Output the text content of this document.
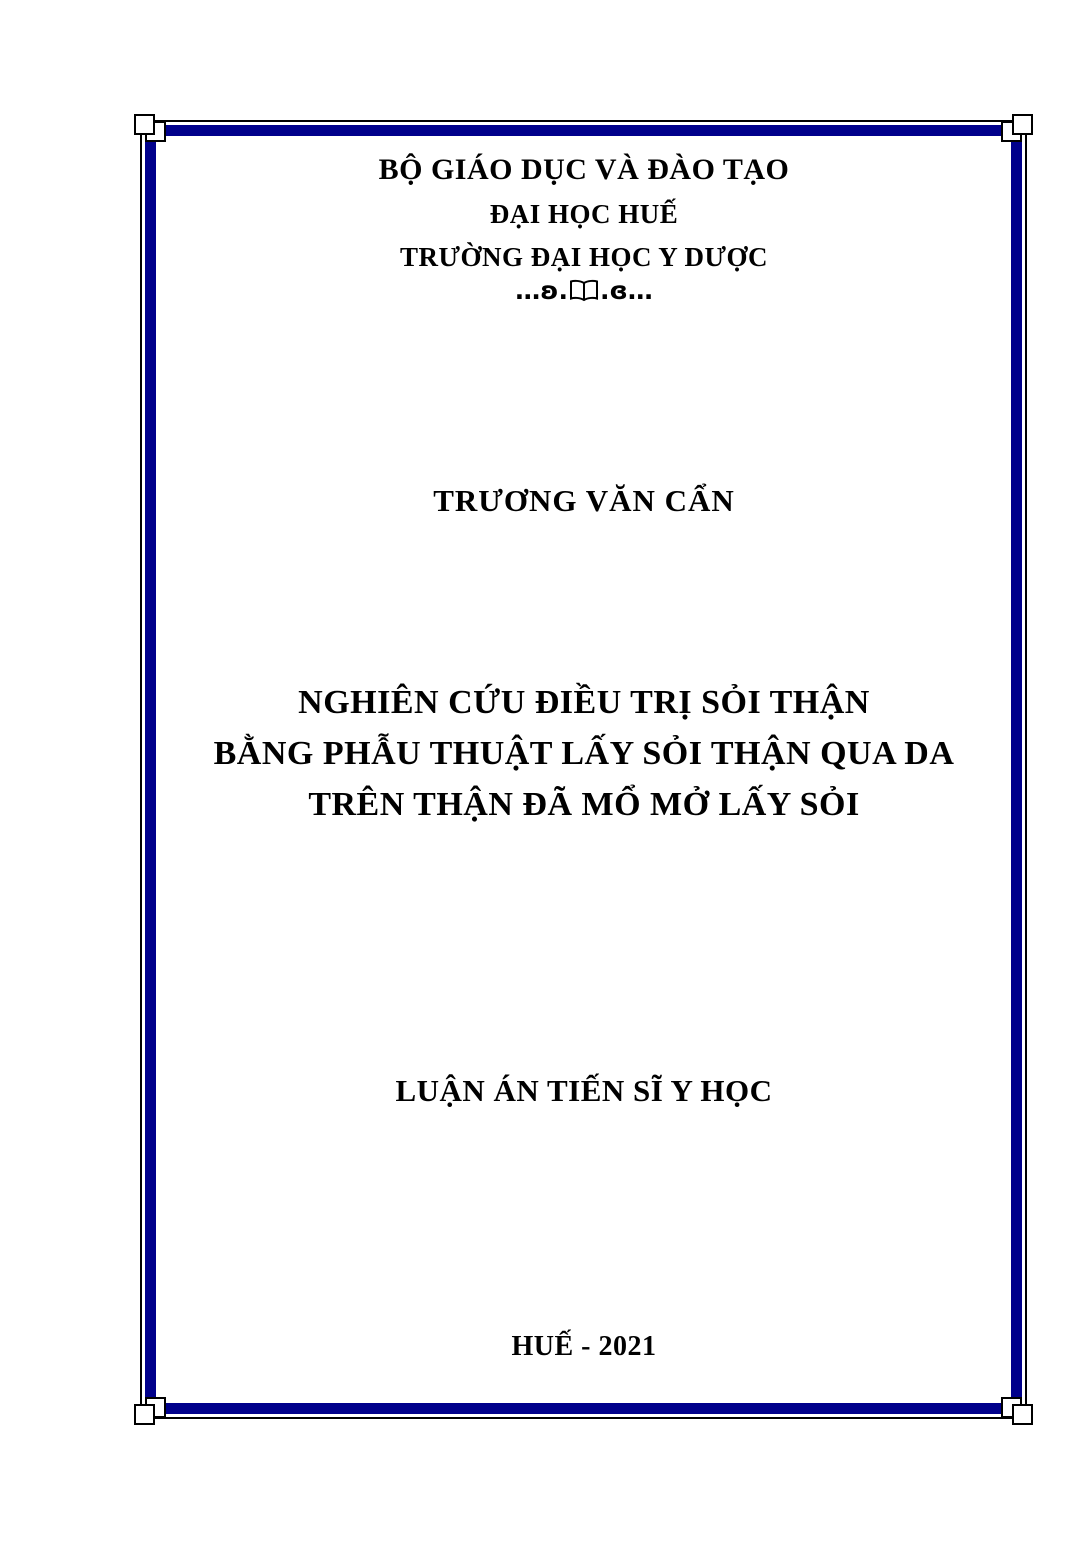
BỘ GIÁO DỤC VÀ ĐÀO TẠO
ĐẠI HỌC HUẾ
TRƯỜNG ĐẠI HỌC Y DƯỢC
…ʚ. .ɞ…
TRƯƠNG VĂN CẨN
NGHIÊN CỨU ĐIỀU TRỊ SỎI THẬN
BẰNG PHẪU THUẬT LẤY SỎI THẬN QUA DA
TRÊN THẬN ĐÃ MỔ MỞ LẤY SỎI
LUẬN ÁN TIẾN SĨ Y HỌC
HUẾ - 2021
